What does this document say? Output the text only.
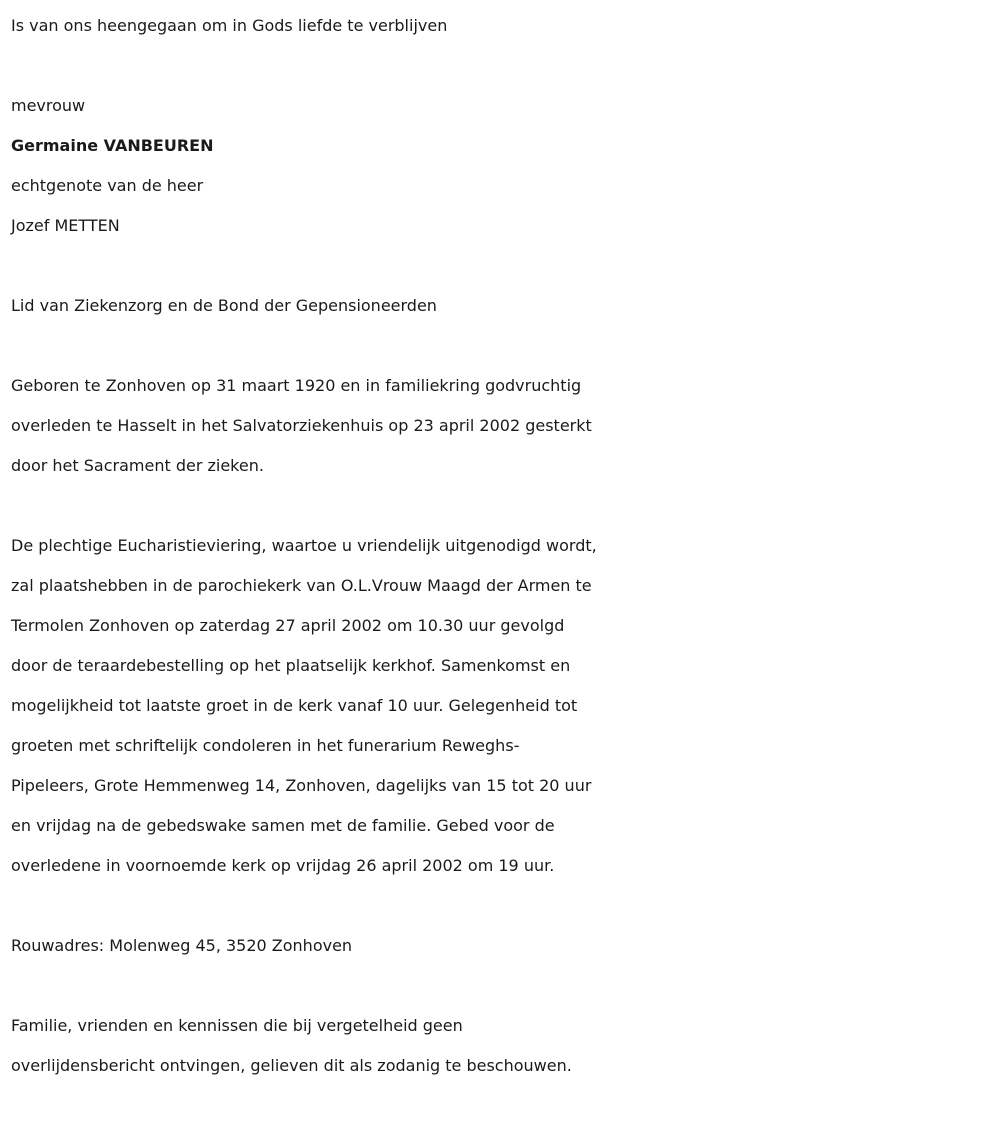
Is van ons heengegaan om in Gods liefde te verblijven
mevrouw
Germaine VANBEUREN
echtgenote van de heer
Jozef METTEN
Lid van Ziekenzorg en de Bond der Gepensioneerden
Geboren te Zonhoven op 31 maart 1920 en in familiekring godvruchtig
overleden te Hasselt in het Salvatorziekenhuis op 23 april 2002 gesterkt
door het Sacrament der zieken.
De plechtige Eucharistieviering, waartoe u vriendelijk uitgenodigd wordt,
zal plaatshebben in de parochiekerk van O.L.Vrouw Maagd der Armen te
Termolen Zonhoven op zaterdag 27 april 2002 om 10.30 uur gevolgd
door de teraardebestelling op het plaatselijk kerkhof. Samenkomst en
mogelijkheid tot laatste groet in de kerk vanaf 10 uur. Gelegenheid tot
groeten met schriftelijk condoleren in het funerarium Reweghs-
Pipeleers, Grote Hemmenweg 14, Zonhoven, dagelijks van 15 tot 20 uur
en vrijdag na de gebedswake samen met de familie. Gebed voor de
overledene in voornoemde kerk op vrijdag 26 april 2002 om 19 uur.
Rouwadres: Molenweg 45, 3520 Zonhoven
Familie, vrienden en kennissen die bij vergetelheid geen
overlijdensbericht ontvingen, gelieven dit als zodanig te beschouwen.
